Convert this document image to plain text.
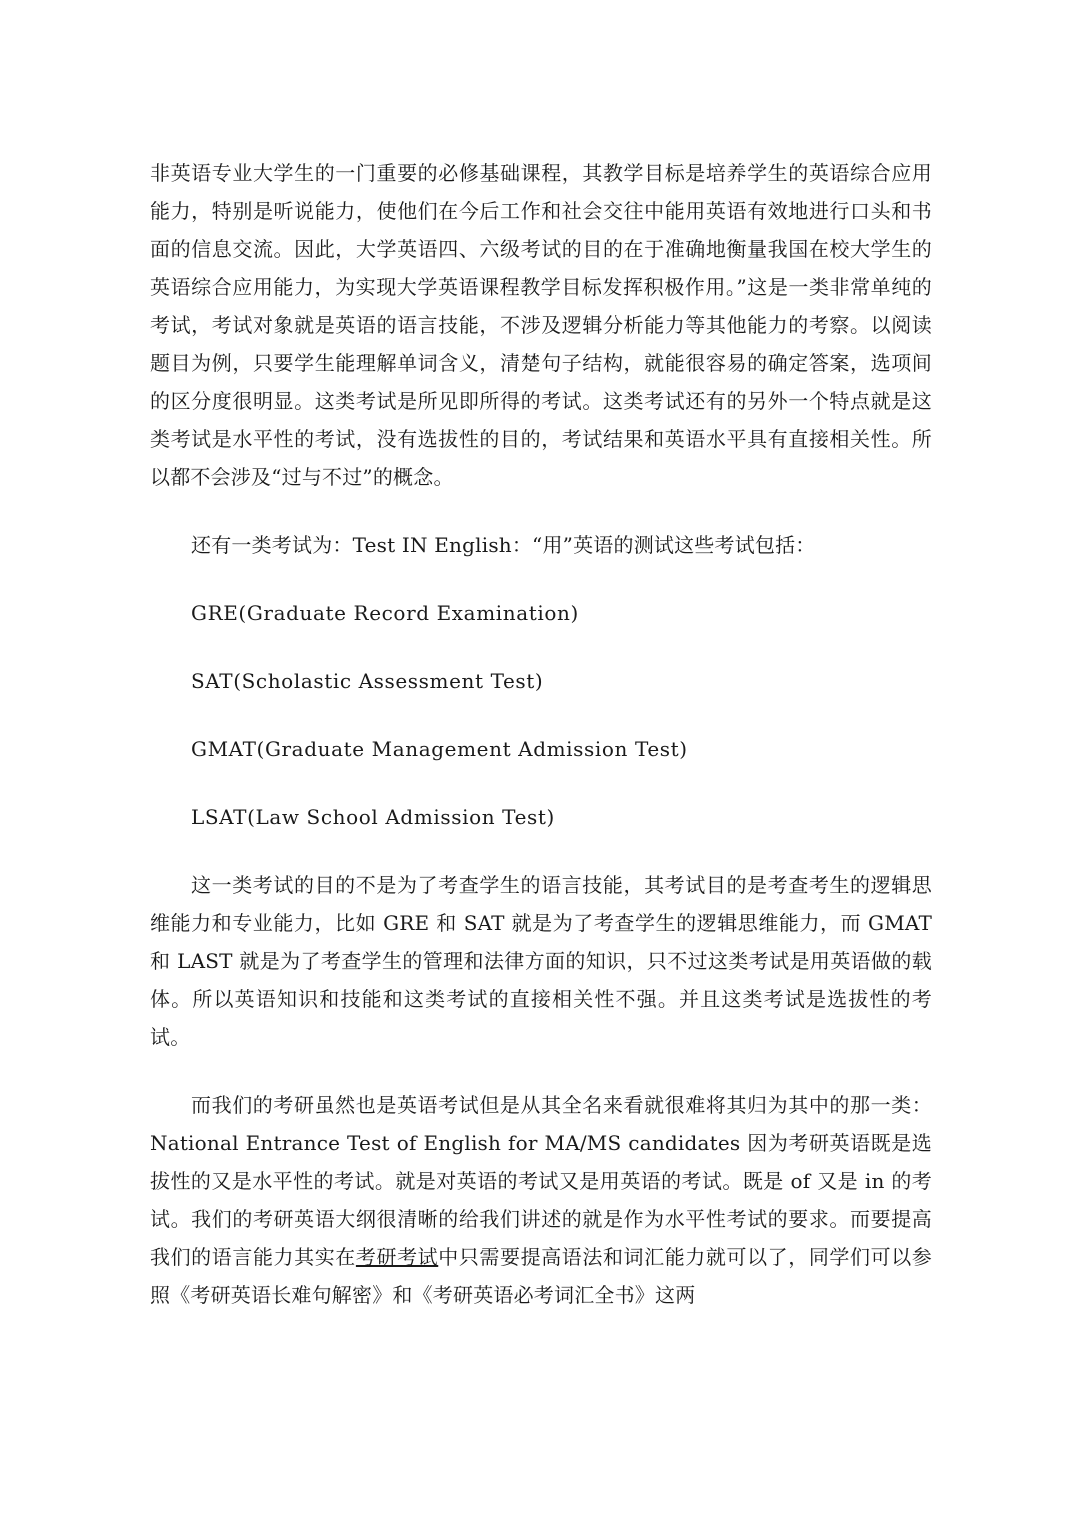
非英语专业大学生的一门重要的必修基础课程，其教学目标是培养学生的英语综合应用能力，特别是听说能力，使他们在今后工作和社会交往中能用英语有效地进行口头和书面的信息交流。因此，大学英语四、六级考试的目的在于准确地衡量我国在校大学生的英语综合应用能力，为实现大学英语课程教学目标发挥积极作用。”这是一类非常单纯的考试，考试对象就是英语的语言技能，不涉及逻辑分析能力等其他能力的考察。以阅读题目为例，只要学生能理解单词含义，清楚句子结构，就能很容易的确定答案，选项间的区分度很明显。这类考试是所见即所得的考试。这类考试还有的另外一个特点就是这类考试是水平性的考试，没有选拔性的目的，考试结果和英语水平具有直接相关性。所以都不会涉及“过与不过”的概念。

还有一类考试为：Test IN English：“用”英语的测试这些考试包括：

GRE(Graduate Record Examination)

SAT(Scholastic Assessment Test)

GMAT(Graduate Management Admission Test)

LSAT(Law School Admission Test)

这一类考试的目的不是为了考查学生的语言技能，其考试目的是考查考生的逻辑思维能力和专业能力，比如 GRE 和 SAT 就是为了考查学生的逻辑思维能力，而 GMAT 和 LAST 就是为了考查学生的管理和法律方面的知识，只不过这类考试是用英语做的载体。所以英语知识和技能和这类考试的直接相关性不强。并且这类考试是选拔性的考试。

而我们的考研虽然也是英语考试但是从其全名来看就很难将其归为其中的那一类：National Entrance Test of English for MA/MS candidates 因为考研英语既是选拔性的又是水平性的考试。就是对英语的考试又是用英语的考试。既是 of 又是 in 的考试。我们的考研英语大纲很清晰的给我们讲述的就是作为水平性考试的要求。而要提高我们的语言能力其实在考研考试中只需要提高语法和词汇能力就可以了，同学们可以参照《考研英语长难句解密》和《考研英语必考词汇全书》这两
